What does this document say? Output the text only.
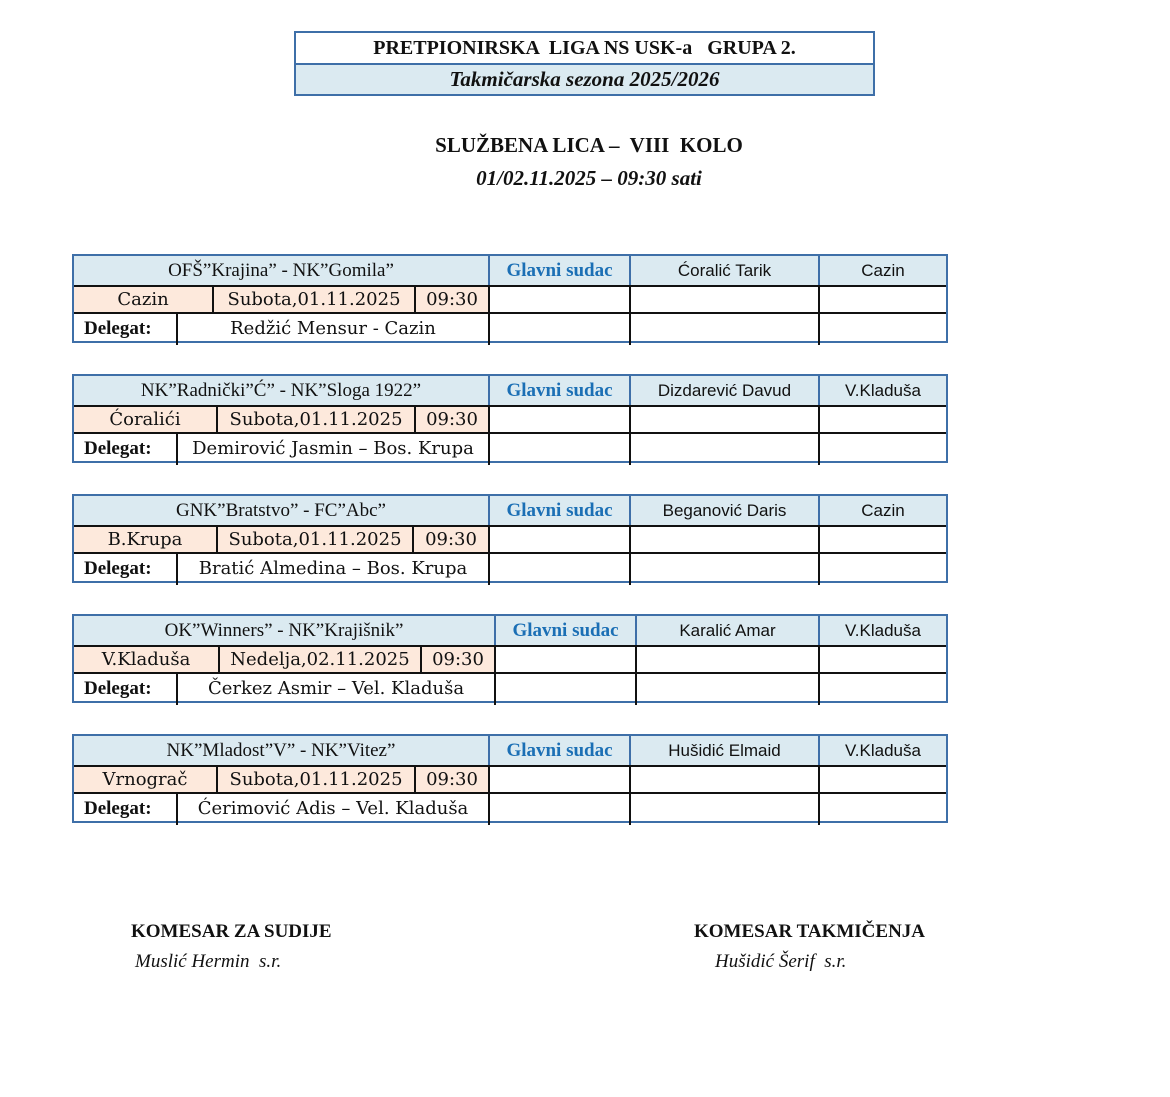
PRETPIONIRSKA  LIGA NS USK-a   GRUPA 2.
Takmičarska sezona 2025/2026
SLUŽBENA LICA –  VIII  KOLO
01/02.11.2025 – 09:30 sati
OFŠ”Krajina” - NK”Gomila”	Glavni sudac	Ćoralić Tarik	Cazin
Cazin	Subota,01.11.2025	09:30
Delegat:	Redžić Mensur - Cazin
NK”Radnički”Ć” - NK”Sloga 1922”	Glavni sudac	Dizdarević Davud	V.Kladuša
Ćoralići	Subota,01.11.2025	09:30
Delegat:	Demirović Jasmin – Bos. Krupa
GNK”Bratstvo” - FC”Abc”	Glavni sudac	Beganović Daris	Cazin
B.Krupa	Subota,01.11.2025	09:30
Delegat:	Bratić Almedina – Bos. Krupa
OK”Winners” - NK”Krajišnik”	Glavni sudac	Karalić Amar	V.Kladuša
V.Kladuša	Nedelja,02.11.2025	09:30
Delegat:	Čerkez Asmir – Vel. Kladuša
NK”Mladost”V” - NK”Vitez”	Glavni sudac	Hušidić Elmaid	V.Kladuša
Vrnograč	Subota,01.11.2025	09:30
Delegat:	Ćerimović Adis – Vel. Kladuša
KOMESAR ZA SUDIJE
Muslić Hermin  s.r.
KOMESAR TAKMIČENJA
Hušidić Šerif  s.r.
